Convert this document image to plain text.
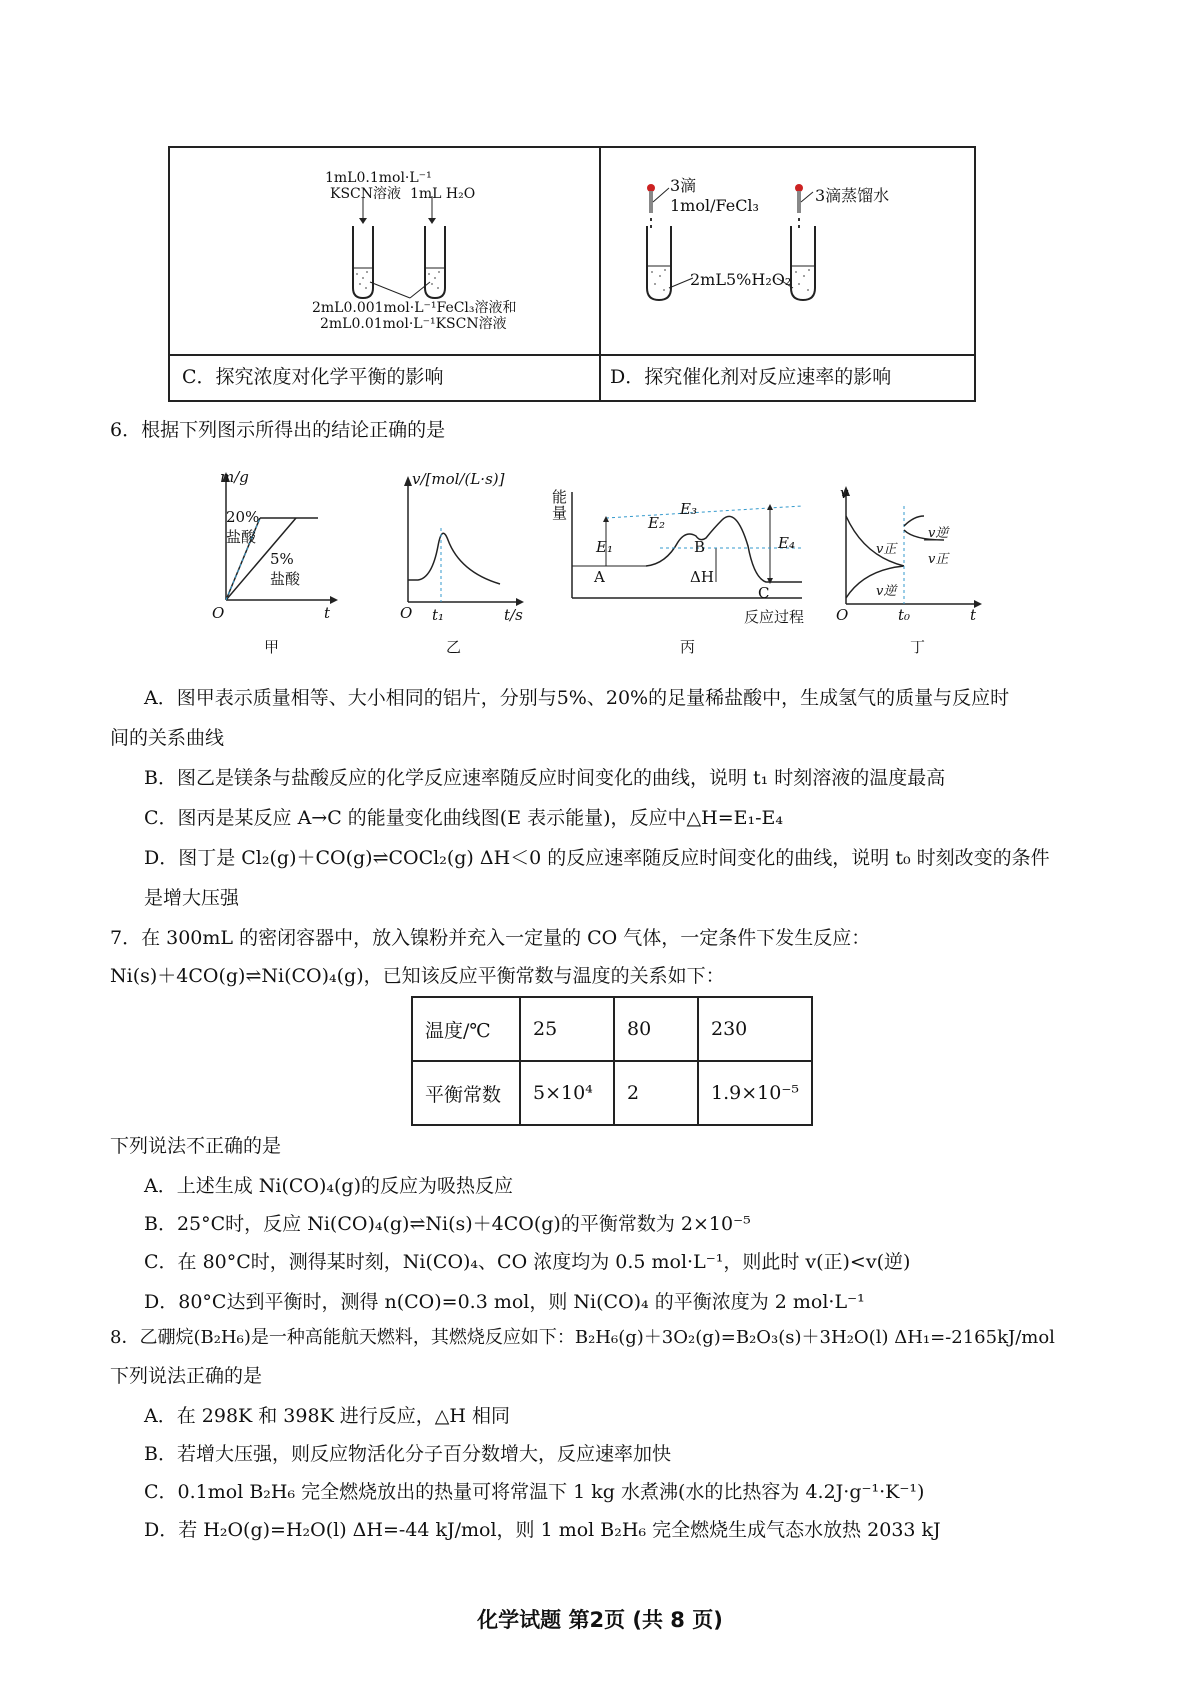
1mL0.1mol·L⁻¹
KSCN溶液 1mL H₂O
2mL0.001mol·L⁻¹FeCl₃溶液和
2mL0.01mol·L⁻¹KSCN溶液
C．探究浓度对化学平衡的影响
3滴
1mol/FeCl₃
3滴蒸馏水
2mL5%H₂O₂
D．探究催化剂对反应速率的影响
6．根据下列图示所得出的结论正确的是
m/g
20%
盐酸
5%
盐酸
O	t
甲
v/[mol/(L·s)]
O t₁	t/s
乙
能
量
E₁
E₂
E₃
E₄
A
B
C
ΔH
反应过程
丙
v
v正
v逆
v逆
v正
O	t₀	t
丁
A．图甲表示质量相等、大小相同的铝片，分别与5%、20%的足量稀盐酸中，生成氢气的质量与反应时
间的关系曲线
B．图乙是镁条与盐酸反应的化学反应速率随反应时间变化的曲线，说明 t₁ 时刻溶液的温度最高
C．图丙是某反应 A→C 的能量变化曲线图(E 表示能量)，反应中△H=E₁-E₄
D．图丁是 Cl₂(g)＋CO(g)⇌COCl₂(g) ΔH＜0 的反应速率随反应时间变化的曲线，说明 t₀ 时刻改变的条件
是增大压强
7．在 300mL 的密闭容器中，放入镍粉并充入一定量的 CO 气体，一定条件下发生反应：
Ni(s)＋4CO(g)⇌Ni(CO)₄(g)，已知该反应平衡常数与温度的关系如下：
温度/℃	25	80	230
平衡常数	5×10⁴	2	1.9×10⁻⁵
下列说法不正确的是
A．上述生成 Ni(CO)₄(g)的反应为吸热反应
B．25°C时，反应 Ni(CO)₄(g)⇌Ni(s)＋4CO(g)的平衡常数为 2×10⁻⁵
C．在 80°C时，测得某时刻，Ni(CO)₄、CO 浓度均为 0.5 mol·L⁻¹，则此时 v(正)<v(逆)
D．80°C达到平衡时，测得 n(CO)=0.3 mol，则 Ni(CO)₄ 的平衡浓度为 2 mol·L⁻¹
8．乙硼烷(B₂H₆)是一种高能航天燃料，其燃烧反应如下：B₂H₆(g)＋3O₂(g)=B₂O₃(s)＋3H₂O(l) ΔH₁=-2165kJ/mol
下列说法正确的是
A．在 298K 和 398K 进行反应，△H 相同
B．若增大压强，则反应物活化分子百分数增大，反应速率加快
C．0.1mol B₂H₆ 完全燃烧放出的热量可将常温下 1 kg 水煮沸(水的比热容为 4.2J·g⁻¹·K⁻¹)
D．若 H₂O(g)=H₂O(l) ΔH=-44 kJ/mol，则 1 mol B₂H₆ 完全燃烧生成气态水放热 2033 kJ
化学试题 第2页 (共 8 页)
